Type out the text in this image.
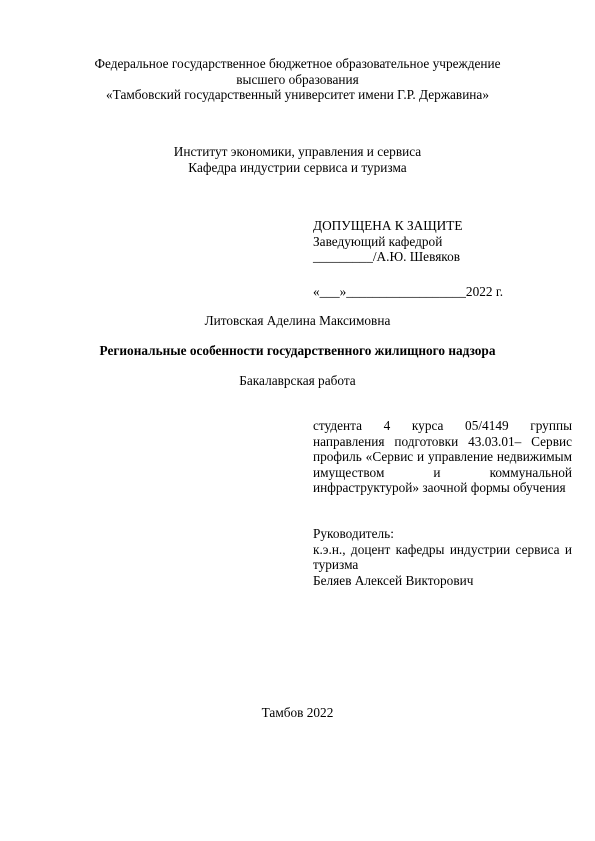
Федеральное государственное бюджетное образовательное учреждение
высшего образования
«Тамбовский государственный университет имени Г.Р. Державина»
Институт экономики, управления и сервиса
Кафедра индустрии сервиса и туризма
ДОПУЩЕНА К ЗАЩИТЕ
Заведующий кафедрой
_________/А.Ю. Шевяков
«___»__________________2022 г.
Литовская Аделина Максимовна
Региональные особенности государственного жилищного надзора
Бакалаврская работа
студента 4 курса 05/4149 группы направления подготовки 43.03.01– Сервис профиль «Сервис и управление недвижимым имуществом и коммунальной инфраструктурой» заочной формы обучения
Руководитель:
к.э.н., доцент кафедры индустрии сервиса и туризма
Беляев Алексей Викторович
Тамбов 2022
